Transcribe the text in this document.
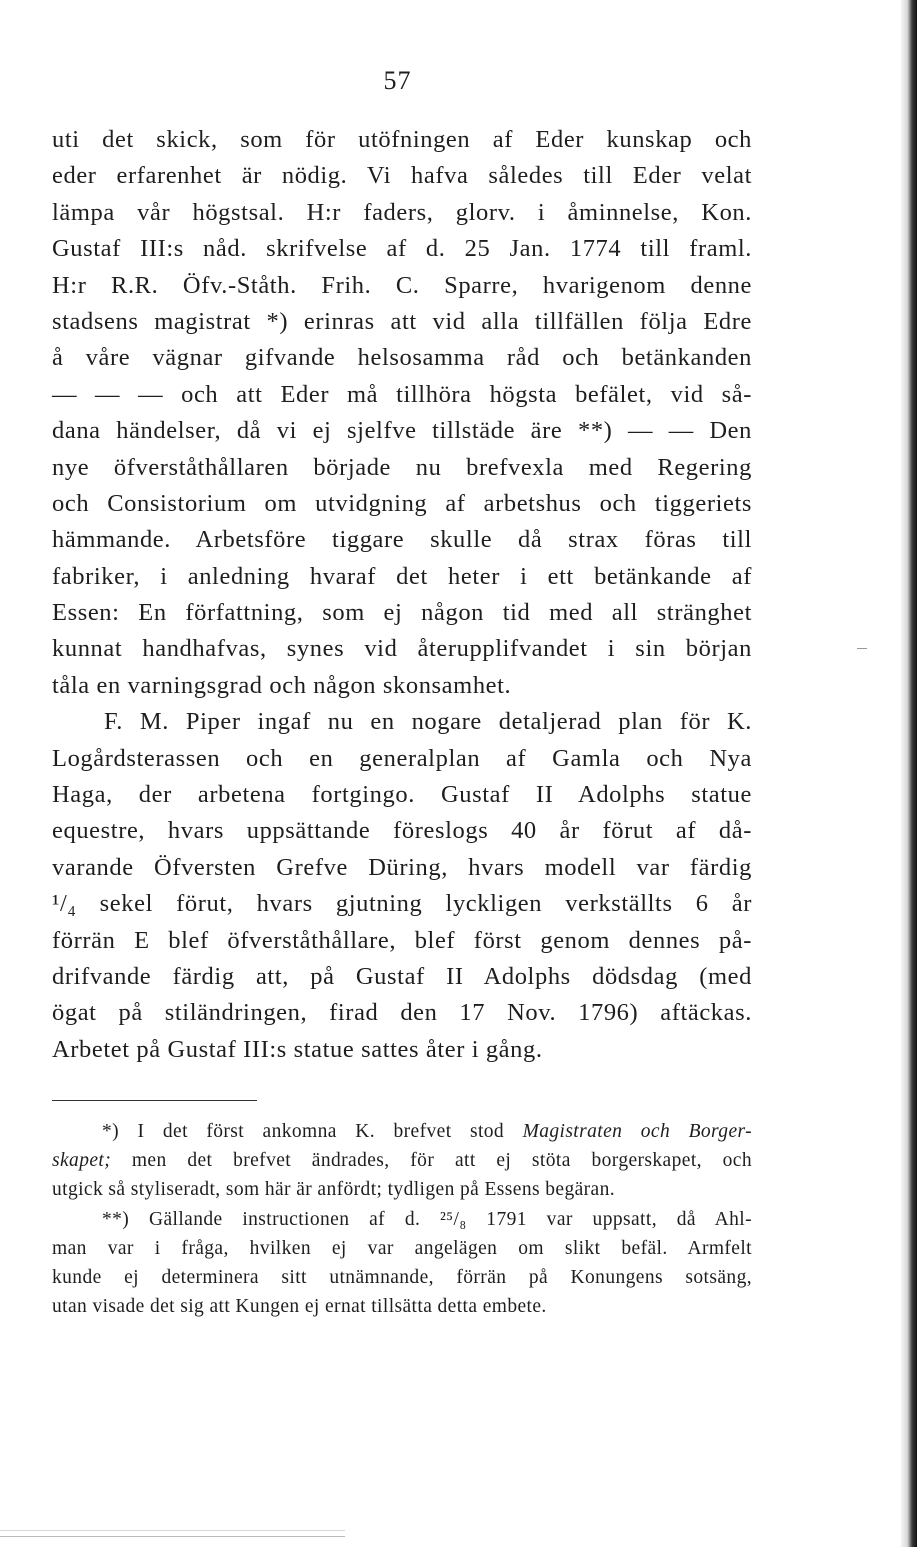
57
uti det skick, som för utöfningen af Eder kunskap och
eder erfarenhet är nödig. Vi hafva således till Eder velat
lämpa vår högstsal. H:r faders, glorv. i åminnelse, Kon.
Gustaf III:s nåd. skrifvelse af d. 25 Jan. 1774 till framl.
H:r R.R. Öfv.-Ståth. Frih. C. Sparre, hvarigenom denne
stadsens magistrat *) erinras att vid alla tillfällen följa Edre
å våre vägnar gifvande helsosamma råd och betänkanden
— — — och att Eder må tillhöra högsta befälet, vid så-
dana händelser, då vi ej sjelfve tillstäde äre **) — — Den
nye öfverståthållaren började nu brefvexla med Regering
och Consistorium om utvidgning af arbetshus och tiggeriets
hämmande. Arbetsföre tiggare skulle då strax föras till
fabriker, i anledning hvaraf det heter i ett betänkande af
Essen: En författning, som ej någon tid med all stränghet
kunnat handhafvas, synes vid återupplifvandet i sin början
tåla en varningsgrad och någon skonsamhet.
F. M. Piper ingaf nu en nogare detaljerad plan för K.
Logårdsterassen och en generalplan af Gamla och Nya
Haga, der arbetena fortgingo. Gustaf II Adolphs statue
equestre, hvars uppsättande föreslogs 40 år förut af då-
varande Öfversten Grefve Düring, hvars modell var färdig
¹/₄ sekel förut, hvars gjutning lyckligen verkställts 6 år
förrän E blef öfverståthållare, blef först genom dennes på-
drifvande färdig att, på Gustaf II Adolphs dödsdag (med
ögat på stiländringen, firad den 17 Nov. 1796) aftäckas.
Arbetet på Gustaf III:s statue sattes åter i gång.
*) I det först ankomna K. brefvet stod Magistraten och Borger-
skapet; men det brefvet ändrades, för att ej stöta borgerskapet, och
utgick så styliseradt, som här är anfördt; tydligen på Essens begäran.
**) Gällande instructionen af d. ²⁵/₈ 1791 var uppsatt, då Ahl-
man var i fråga, hvilken ej var angelägen om slikt befäl. Armfelt
kunde ej determinera sitt utnämnande, förrän på Konungens sotsäng,
utan visade det sig att Kungen ej ernat tillsätta detta embete.
